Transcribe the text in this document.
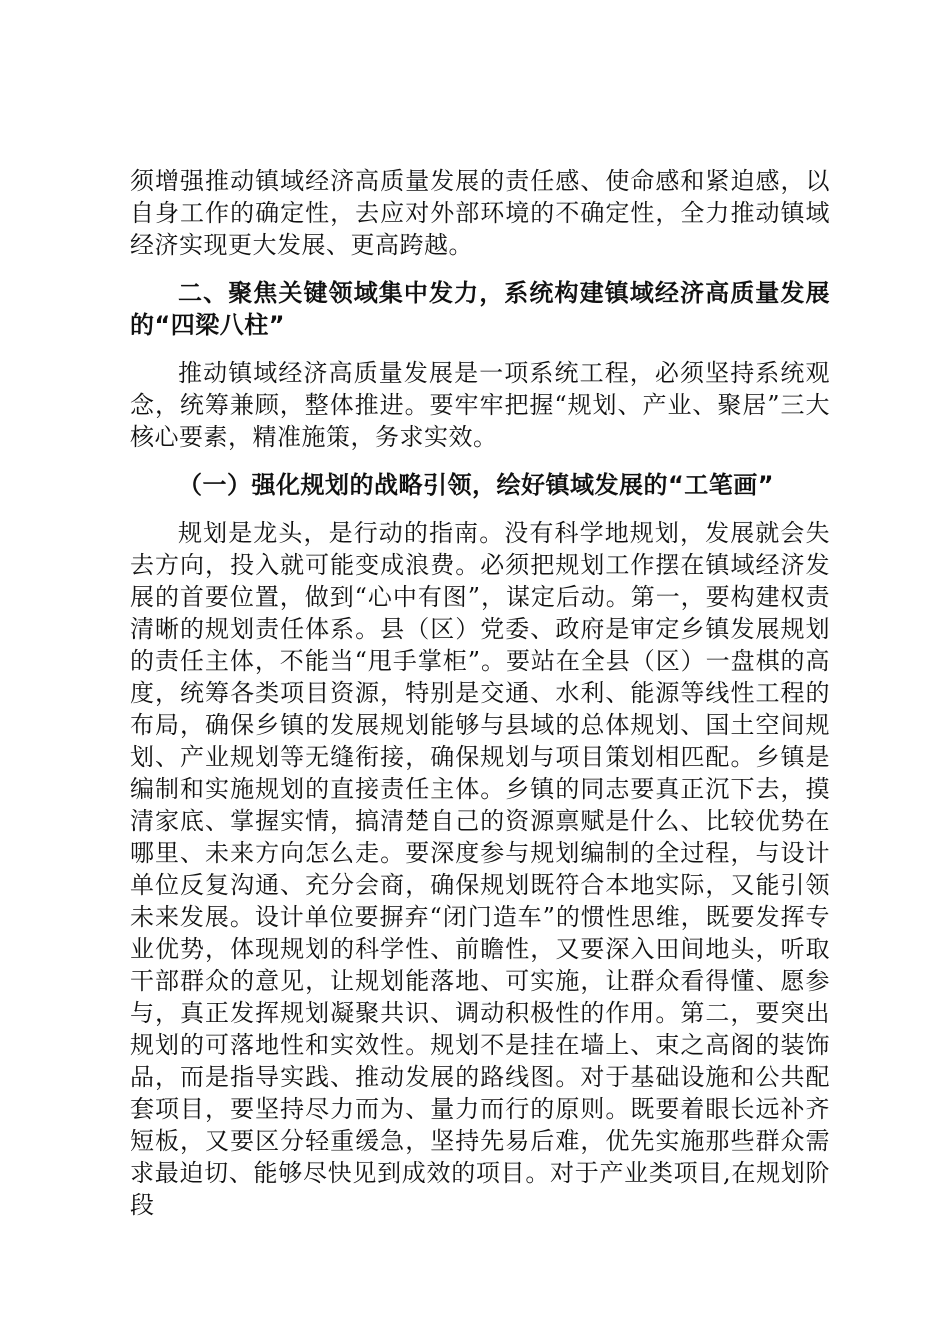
须增强推动镇域经济高质量发展的责任感、使命感和紧迫感，以自身工作的确定性，去应对外部环境的不确定性，全力推动镇域经济实现更大发展、更高跨越。

二、聚焦关键领域集中发力，系统构建镇域经济高质量发展的“四梁八柱”

推动镇域经济高质量发展是一项系统工程，必须坚持系统观念，统筹兼顾，整体推进。要牢牢把握“规划、产业、聚居”三大核心要素，精准施策，务求实效。

（一）强化规划的战略引领，绘好镇域发展的“工笔画”

规划是龙头，是行动的指南。没有科学地规划，发展就会失去方向，投入就可能变成浪费。必须把规划工作摆在镇域经济发展的首要位置，做到“心中有图”，谋定后动。第一，要构建权责清晰的规划责任体系。县（区）党委、政府是审定乡镇发展规划的责任主体，不能当“甩手掌柜”。要站在全县（区）一盘棋的高度，统筹各类项目资源，特别是交通、水利、能源等线性工程的布局，确保乡镇的发展规划能够与县域的总体规划、国土空间规划、产业规划等无缝衔接，确保规划与项目策划相匹配。乡镇是编制和实施规划的直接责任主体。乡镇的同志要真正沉下去，摸清家底、掌握实情，搞清楚自己的资源禀赋是什么、比较优势在哪里、未来方向怎么走。要深度参与规划编制的全过程，与设计单位反复沟通、充分会商，确保规划既符合本地实际，又能引领未来发展。设计单位要摒弃“闭门造车”的惯性思维，既要发挥专业优势，体现规划的科学性、前瞻性，又要深入田间地头，听取干部群众的意见，让规划能落地、可实施，让群众看得懂、愿参与，真正发挥规划凝聚共识、调动积极性的作用。第二，要突出规划的可落地性和实效性。规划不是挂在墙上、束之高阁的装饰品，而是指导实践、推动发展的路线图。对于基础设施和公共配套项目，要坚持尽力而为、量力而行的原则。既要着眼长远补齐短板，又要区分轻重缓急，坚持先易后难，优先实施那些群众需求最迫切、能够尽快见到成效的项目。对于产业类项目,在规划阶段
